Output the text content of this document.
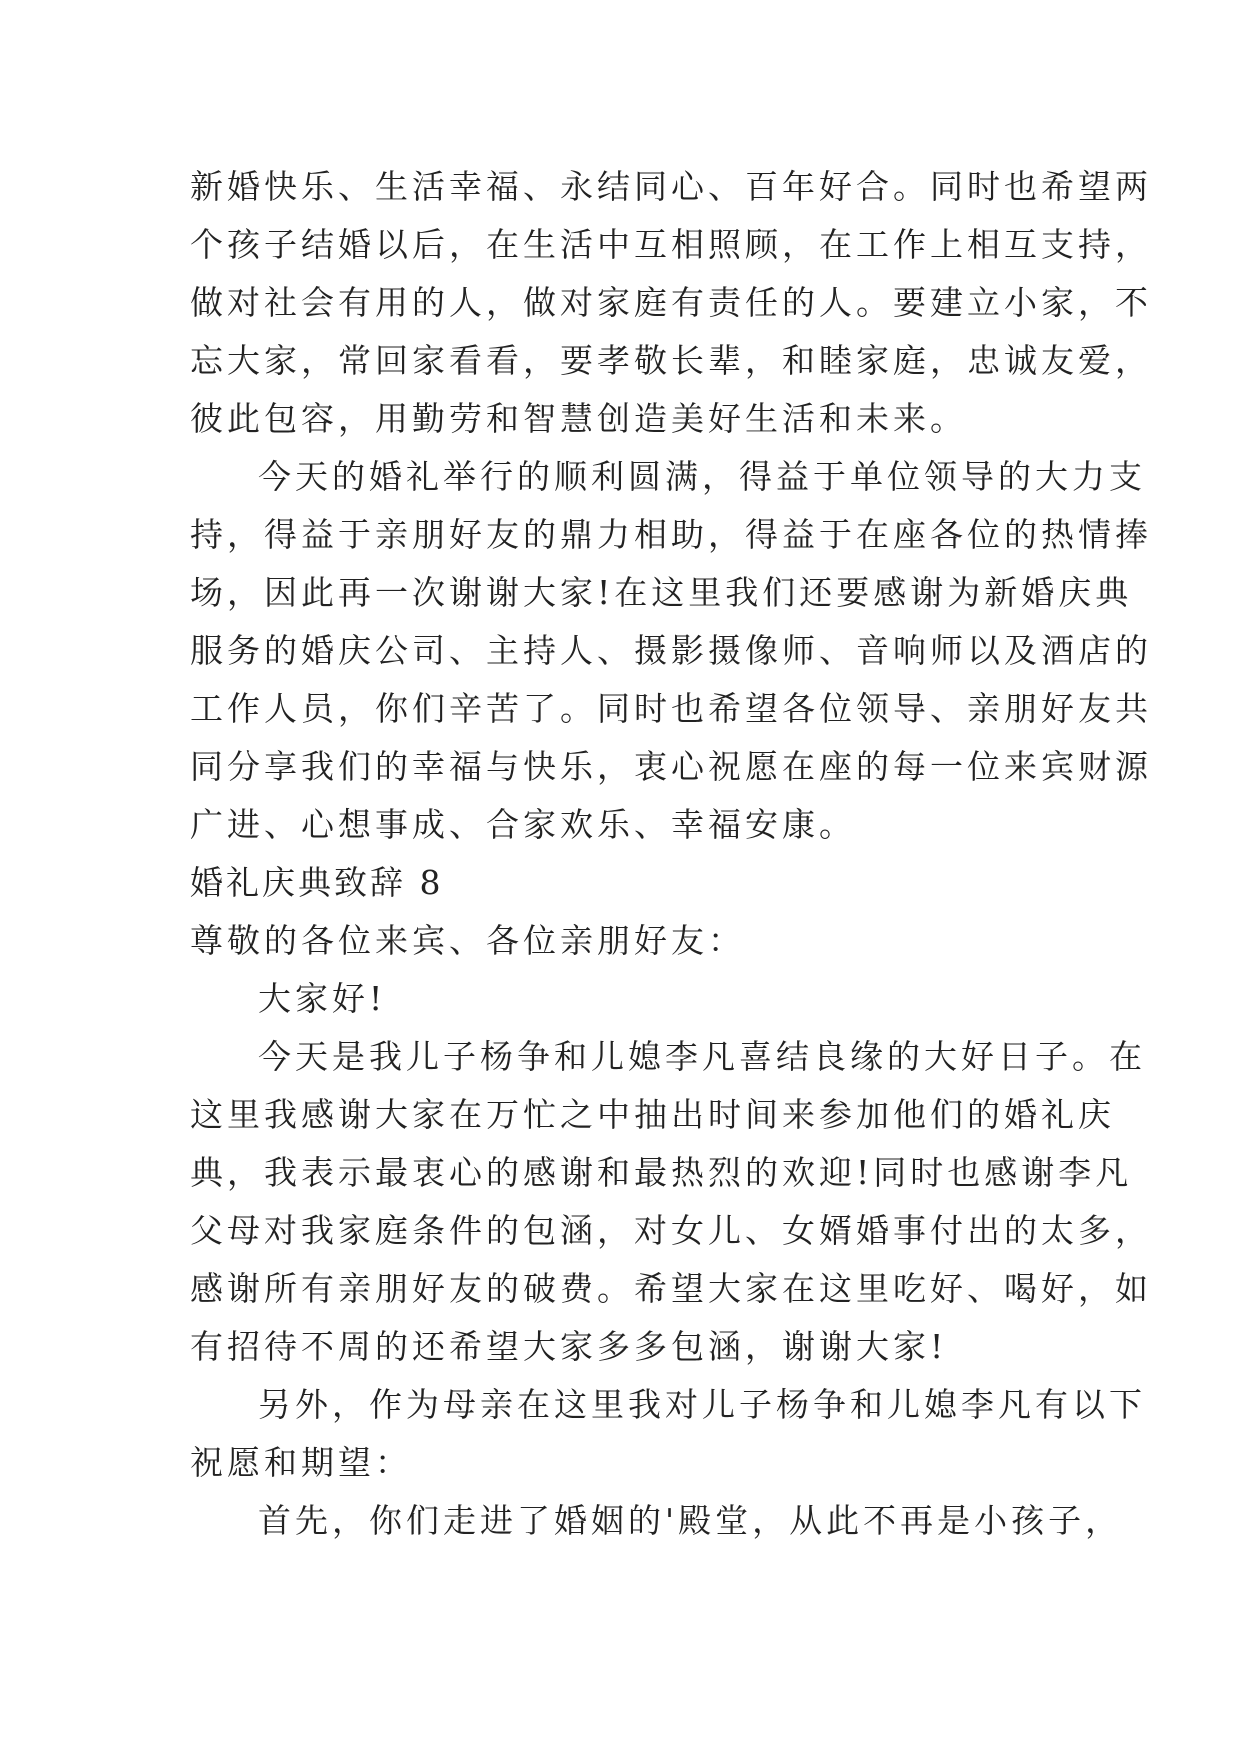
新婚快乐、生活幸福、永结同心、百年好合。同时也希望两
个孩子结婚以后，在生活中互相照顾，在工作上相互支持，
做对社会有用的人，做对家庭有责任的人。要建立小家，不
忘大家，常回家看看，要孝敬长辈，和睦家庭，忠诚友爱，
彼此包容，用勤劳和智慧创造美好生活和未来。
今天的婚礼举行的顺利圆满，得益于单位领导的大力支
持，得益于亲朋好友的鼎力相助，得益于在座各位的热情捧
场，因此再一次谢谢大家!在这里我们还要感谢为新婚庆典
服务的婚庆公司、主持人、摄影摄像师、音响师以及酒店的
工作人员，你们辛苦了。同时也希望各位领导、亲朋好友共
同分享我们的幸福与快乐，衷心祝愿在座的每一位来宾财源
广进、心想事成、合家欢乐、幸福安康。
婚礼庆典致辞 8
尊敬的各位来宾、各位亲朋好友：
大家好!
今天是我儿子杨争和儿媳李凡喜结良缘的大好日子。在
这里我感谢大家在万忙之中抽出时间来参加他们的婚礼庆
典，我表示最衷心的感谢和最热烈的欢迎!同时也感谢李凡
父母对我家庭条件的包涵，对女儿、女婿婚事付出的太多，
感谢所有亲朋好友的破费。希望大家在这里吃好、喝好，如
有招待不周的还希望大家多多包涵，谢谢大家!
另外，作为母亲在这里我对儿子杨争和儿媳李凡有以下
祝愿和期望：
首先，你们走进了婚姻的'殿堂，从此不再是小孩子，
